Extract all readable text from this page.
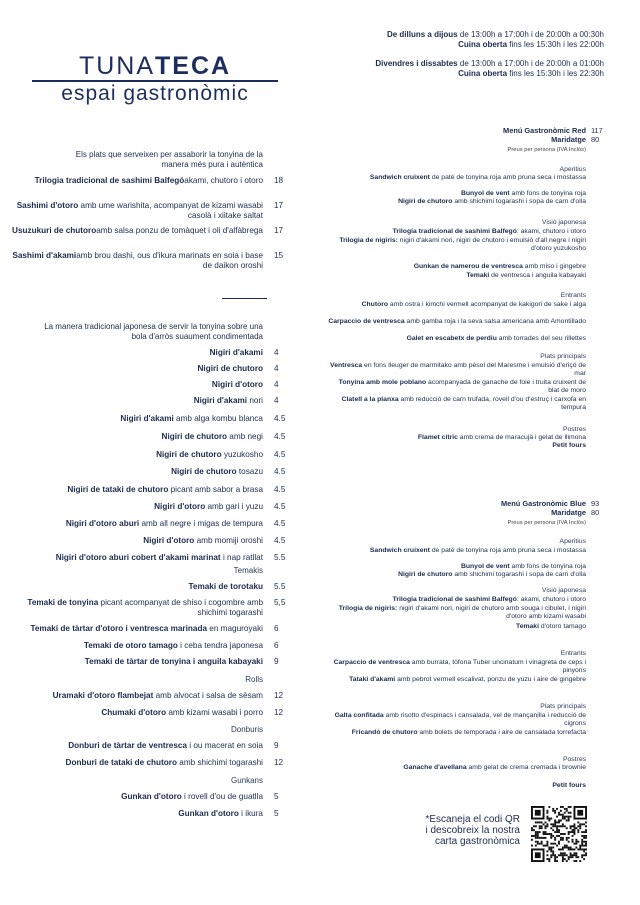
TUNATECA
espai gastronòmic
De dilluns a dijous de 13:00h a 17:00h i de 20:00h a 00:30h
Cuina oberta fins les 15:30h i les 22:00h
Divendres i dissabtes de 13:00h a 17:00h i de 20:00h a 01:00h
Cuina oberta fins les 15:30h i les 22:30h
Els plats que serveixen per assaborir la tonyina de la manera més pura i autèntica
Trilogia tradicional de sashimi Balfegóakami, chutoro i otoro 18
Sashimi d'otoro amb ume warishita, acompanyat de kizami wasabi casolà i xiitake saltat
17
Usuzukuri de chutoroamb salsa ponzu de tomàquet i oli d'alfàbrega 17
Sashimi d'akamiamb brou dashi, ous d'ikura marinats en soia i base de daikon oroshi
15
La manera tradicional japonesa de servir la tonyina sobre una bola d'arròs suaument condimentada
Nigiri d'akami 4
Nigiri de chutoro 4
Nigiri d'otoro 4
Nigiri d'akami nori 4
Nigiri d'akami amb alga kombu blanca 4.5
Nigiri de chutoro amb negi 4.5
Nigiri de chutoro yuzukosho 4.5
Nigiri de chutoro tosazu 4.5
Nigiri de tataki de chutoro picant amb sabor a brasa 4.5
Nigiri d'otoro amb gari i yuzu 4.5
Nigiri d'otoro aburi amb all negre i migas de tempura 4.5
Nigiri d'otoro amb momiji oroshi 4.5
Nigiri d'otoro aburi cobert d'akami marinat i nap ratllat 5.5
Temakis
Temaki de torotaku 5.5
Temaki de tonyina picant acompanyat de shiso i cogombre amb shichimi togarashi
5,5
Temaki de tàrtar d'otoro i ventresca marinada en maguroyaki 6
Temaki de otoro tamago i ceba tendra japonesa 6
Temaki de tàrtar de tonyina i anguila kabayaki 9
Rolls
Uramaki d'otoro flambejat amb alvocat i salsa de sèsam 12
Chumaki d'otoro amb kizami wasabi i porro 12
Donburis
Donburi de tàrtar de ventresca i ou macerat en soia 9
Donburi de tataki de chutoro amb shichimi togarashi 12
Gunkans
Gunkan d'otoro i rovell d'ou de guatlla 5
Gunkan d'otoro i ikura 5
Menú Gastronòmic Red 117
Maridatge 80
Preus per persona (IVA Inclòs)
Aperitius
Sandwich cruixent de paté de tonyina roja amb pruna seca i mostassa
Bunyol de vent amb fons de tonyina roja
Nigiri de chutoro amb shichimi togarashi i sopa de carn d'olla
Visió japonesa
Trilogia tradicional de sashimi Balfegó: akami, chutoro i otoro
Trilogia de nigiris: nigiri d'akami nori, nigiri de chutoro i emulsió d'all negre i nigiri d'otoro yuzukosho
Gunkan de namerou de ventresca amb miso i gingebre
Temaki de ventresca i anguila kabayaki
Entrants
Chutoro amb ostra i kimchi vermell acompanyat de kakigori de sake i alga
Carpaccio de ventresca amb gamba roja i la seva salsa americana amb Amontillado
Galet en escabetx de perdiu amb torrades del seu rillettes
Plats principals
Ventresca en fons lleuger de marmitako amb pèsol del Maresme i emulsió d'eriçó de mar
Tonyina amb mole poblano acompanyada de ganache de foie i truita cruixent de blat de moro
Clatell a la planxa amb reducció de carn trufada, rovell d'ou d'estruç i carxofa en tempura
Postres
Flamet cítric amb crema de maracujà i gelat de llimona
Petit fours
Menú Gastronòmic Blue 93
Maridatge 80
Preus per persona (IVA Inclòs)
Aperitius
Sandwich cruixent de paté de tonyina roja amb pruna seca i mostassa
Bunyol de vent amb fons de tonyina roja
Nigiri de chutoro amb shichimi togarashi i sopa de carn d'olla
Visió japonesa
Trilogia tradicional de sashimi Balfegó: akami, chutoro i otoro
Trilogia de nigiris: nigiri d'akami nori, nigiri de chutoro amb souga i cibulet, i nigiri d'otoro amb kizami wasabi
Temaki d'otoro tamago
Entrants
Carpaccio de ventresca amb burrata, tòfona Tuber uncinatum i vinagreta de ceps i pinyons
Tataki d'akami amb pebrot vermell escalivat, ponzu de yuzu i aire de gingebre
Plats principals
Galta confitada amb risotto d'espinacs i cansalada, vel de mançanilla i reducció de cigrons
Fricandó de chutoro amb bolets de temporada i aire de cansalada torrefacta
Postres
Ganache d'avellana amb gelat de crema cremada i brownie
Petit fours
*Escaneja el codi QR
i descobreix la nostra
carta gastronòmica
